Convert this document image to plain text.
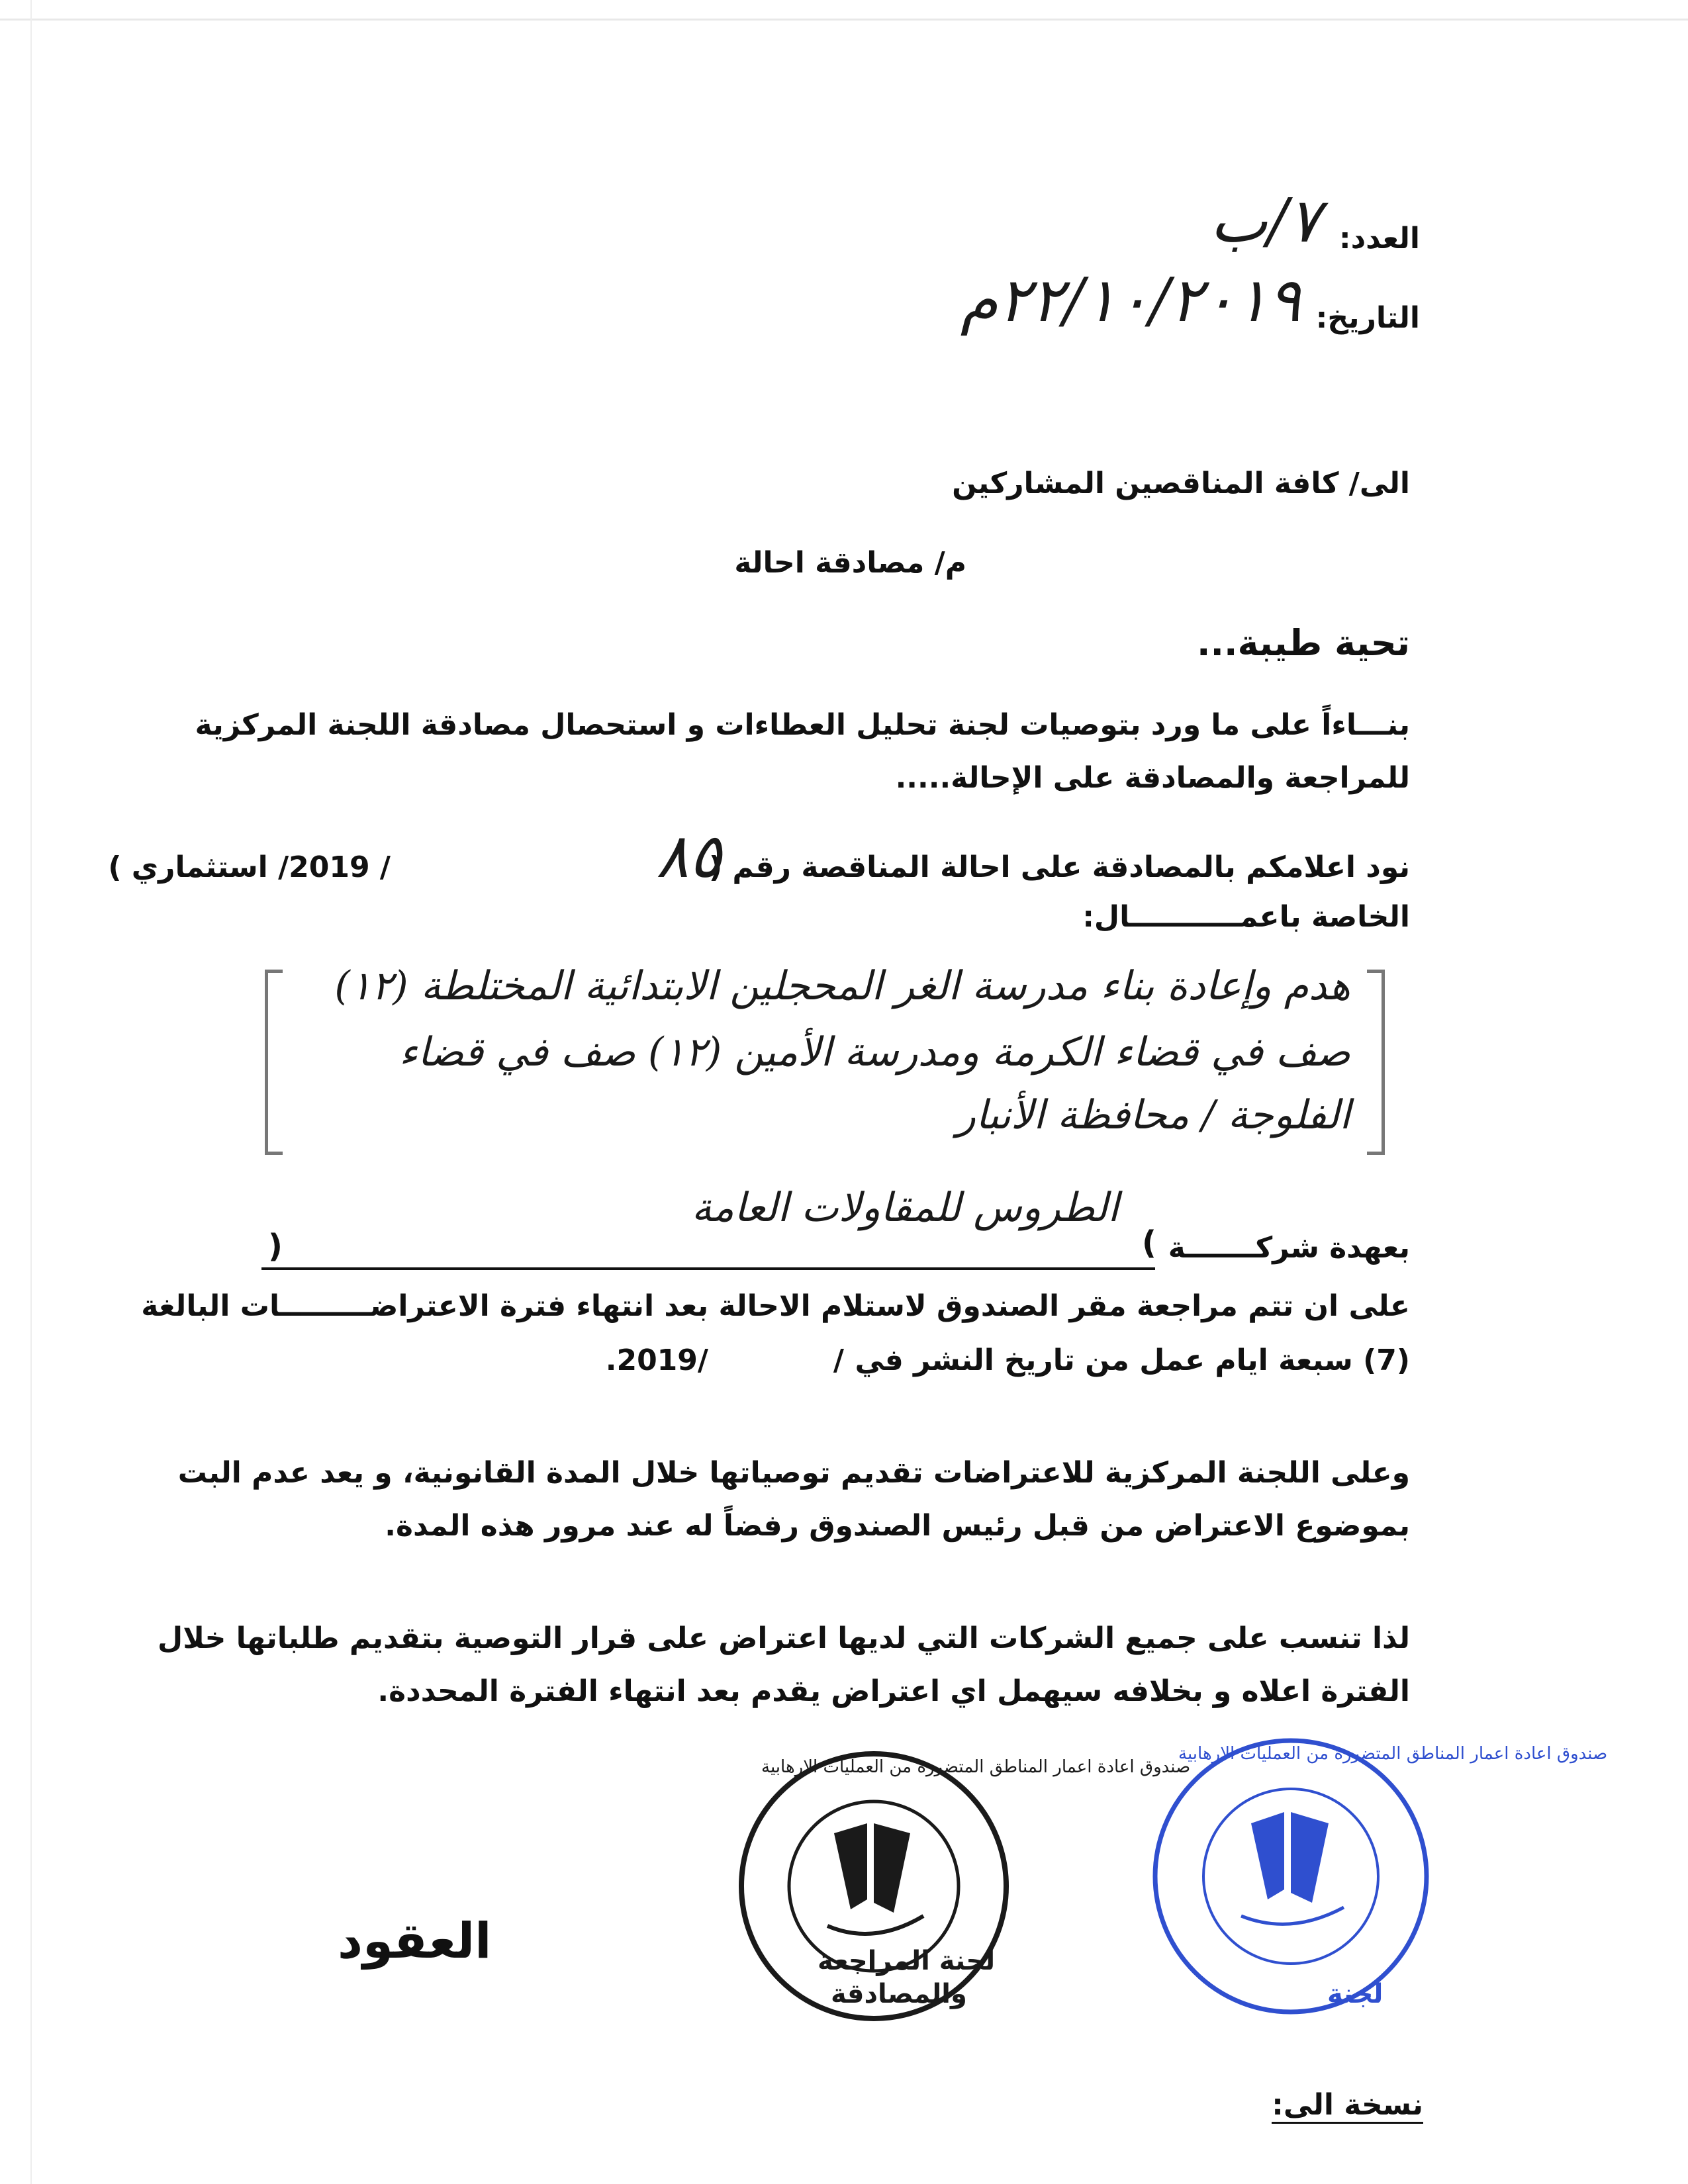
العدد:
٧/ب
التاريخ:
٢٢/١٠/٢٠١٩م
الى/ كافة المناقصين المشاركين
م/ مصادقة احالة
تحية طيبة...
بنـــاءاً على ما ورد بتوصيات لجنة تحليل العطاءات و استحصال مصادقة اللجنة المركزية
للمراجعة والمصادقة على الإحالة.....
نود اعلامكم بالمصادقة على احالة المناقصة رقم (
٨٥
/ 2019/ استثماري )
الخاصة باعمـــــــــــال:
هدم وإعادة بناء مدرسة الغر المحجلين الابتدائية المختلطة (١٢)
صف في قضاء الكرمة ومدرسة الأمين (١٢) صف في قضاء
الفلوجة / محافظة الأنبار
بعهدة شركـــــــة
(
الطروس للمقاولات العامة
)
على ان تتم مراجعة مقر الصندوق لاستلام الاحالة بعد انتهاء فترة الاعتراضـــــــــات البالغة
(7) سبعة ايام عمل من تاريخ النشر في
/
/2019.
وعلى اللجنة المركزية للاعتراضات تقديم توصياتها خلال المدة القانونية، و يعد عدم البت
بموضوع الاعتراض من قبل رئيس الصندوق رفضاً له عند مرور هذه المدة.
لذا تنسب على جميع الشركات التي لديها اعتراض على قرار التوصية بتقديم طلباتها خلال
الفترة اعلاه و بخلافه سيهمل اي اعتراض يقدم بعد انتهاء الفترة المحددة.
العقود	لجنة المراجعة
والمصادقة
صندوق اعادة اعمار المناطق المتضررة من العمليات الارهابية
لجنة
صندوق اعادة اعمار المناطق المتضررة من العمليات الارهابية
نسخة الى:
